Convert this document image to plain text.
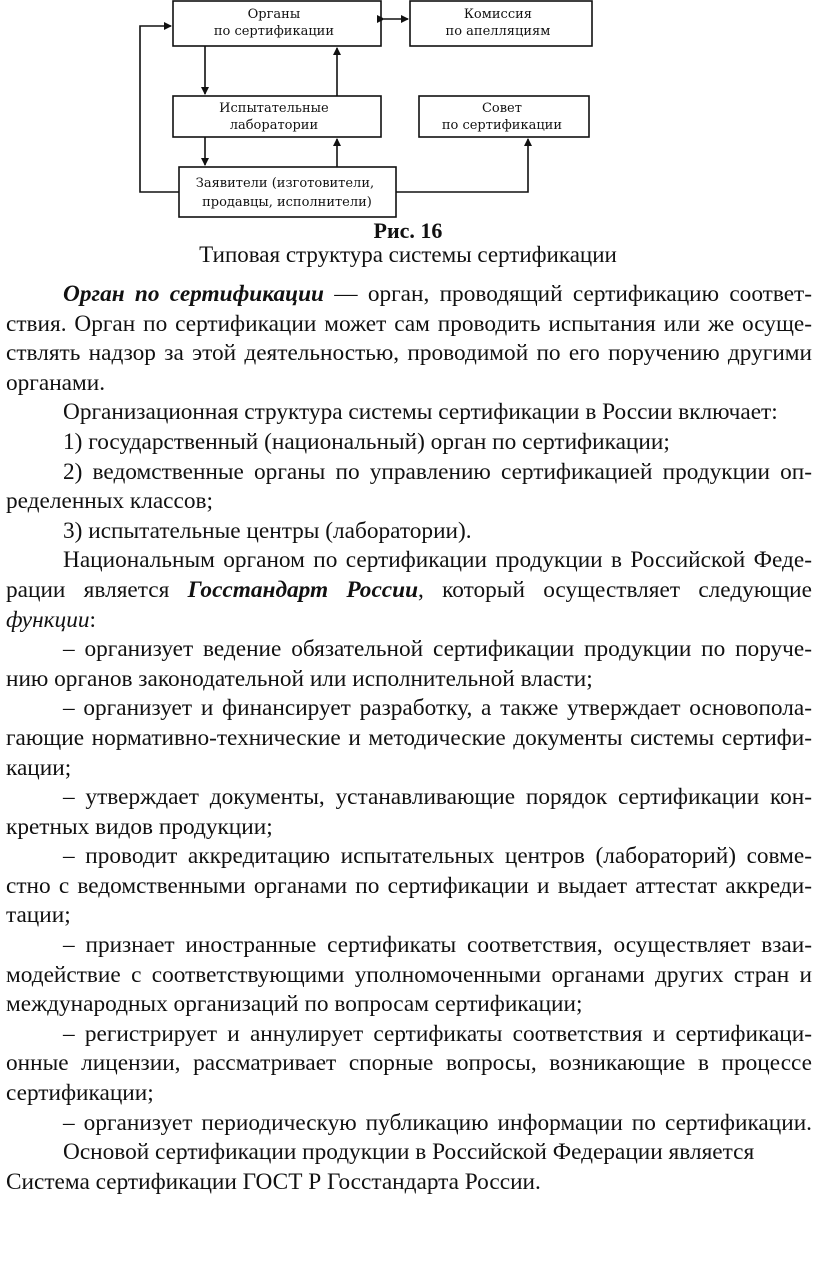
Органы по сертификации Комиссия по апелляциям Испытательные лаборатории Совет по сертификации Заявители (изготовители, продавцы, исполнители)
Рис. 16
Типовая структура системы сертификации

Орган по сертификации — орган, проводящий сертификацию соответ- ствия. Орган по сертификации может сам проводить испытания или же осуще- ствлять надзор за этой деятельностью, проводимой по его поручению другими органами.

Организационная структура системы сертификации в России включает:

1) государственный (национальный) орган по сертификации;

2) ведомственные органы по управлению сертификацией продукции оп- ределенных классов;

3) испытательные центры (лаборатории).

Национальным органом по сертификации продукции в Российской Феде- рации является Госстандарт России, который осуществляет следующие функции:

– организует ведение обязательной сертификации продукции по поруче- нию органов законодательной или исполнительной власти;

– организует и финансирует разработку, а также утверждает основопола- гающие нормативно-технические и методические документы системы сертифи- кации;

– утверждает документы, устанавливающие порядок сертификации кон- кретных видов продукции;

– проводит аккредитацию испытательных центров (лабораторий) совме- стно с ведомственными органами по сертификации и выдает аттестат аккреди- тации;

– признает иностранные сертификаты соответствия, осуществляет взаи- модействие с соответствующими уполномоченными органами других стран и международных организаций по вопросам сертификации;

– регистрирует и аннулирует сертификаты соответствия и сертификаци- онные лицензии, рассматривает спорные вопросы, возникающие в процессе сертификации;

– организует периодическую публикацию информации по сертификации. Основой сертификации продукции в Российской Федерации является

Система сертификации ГОСТ Р Госстандарта России.
